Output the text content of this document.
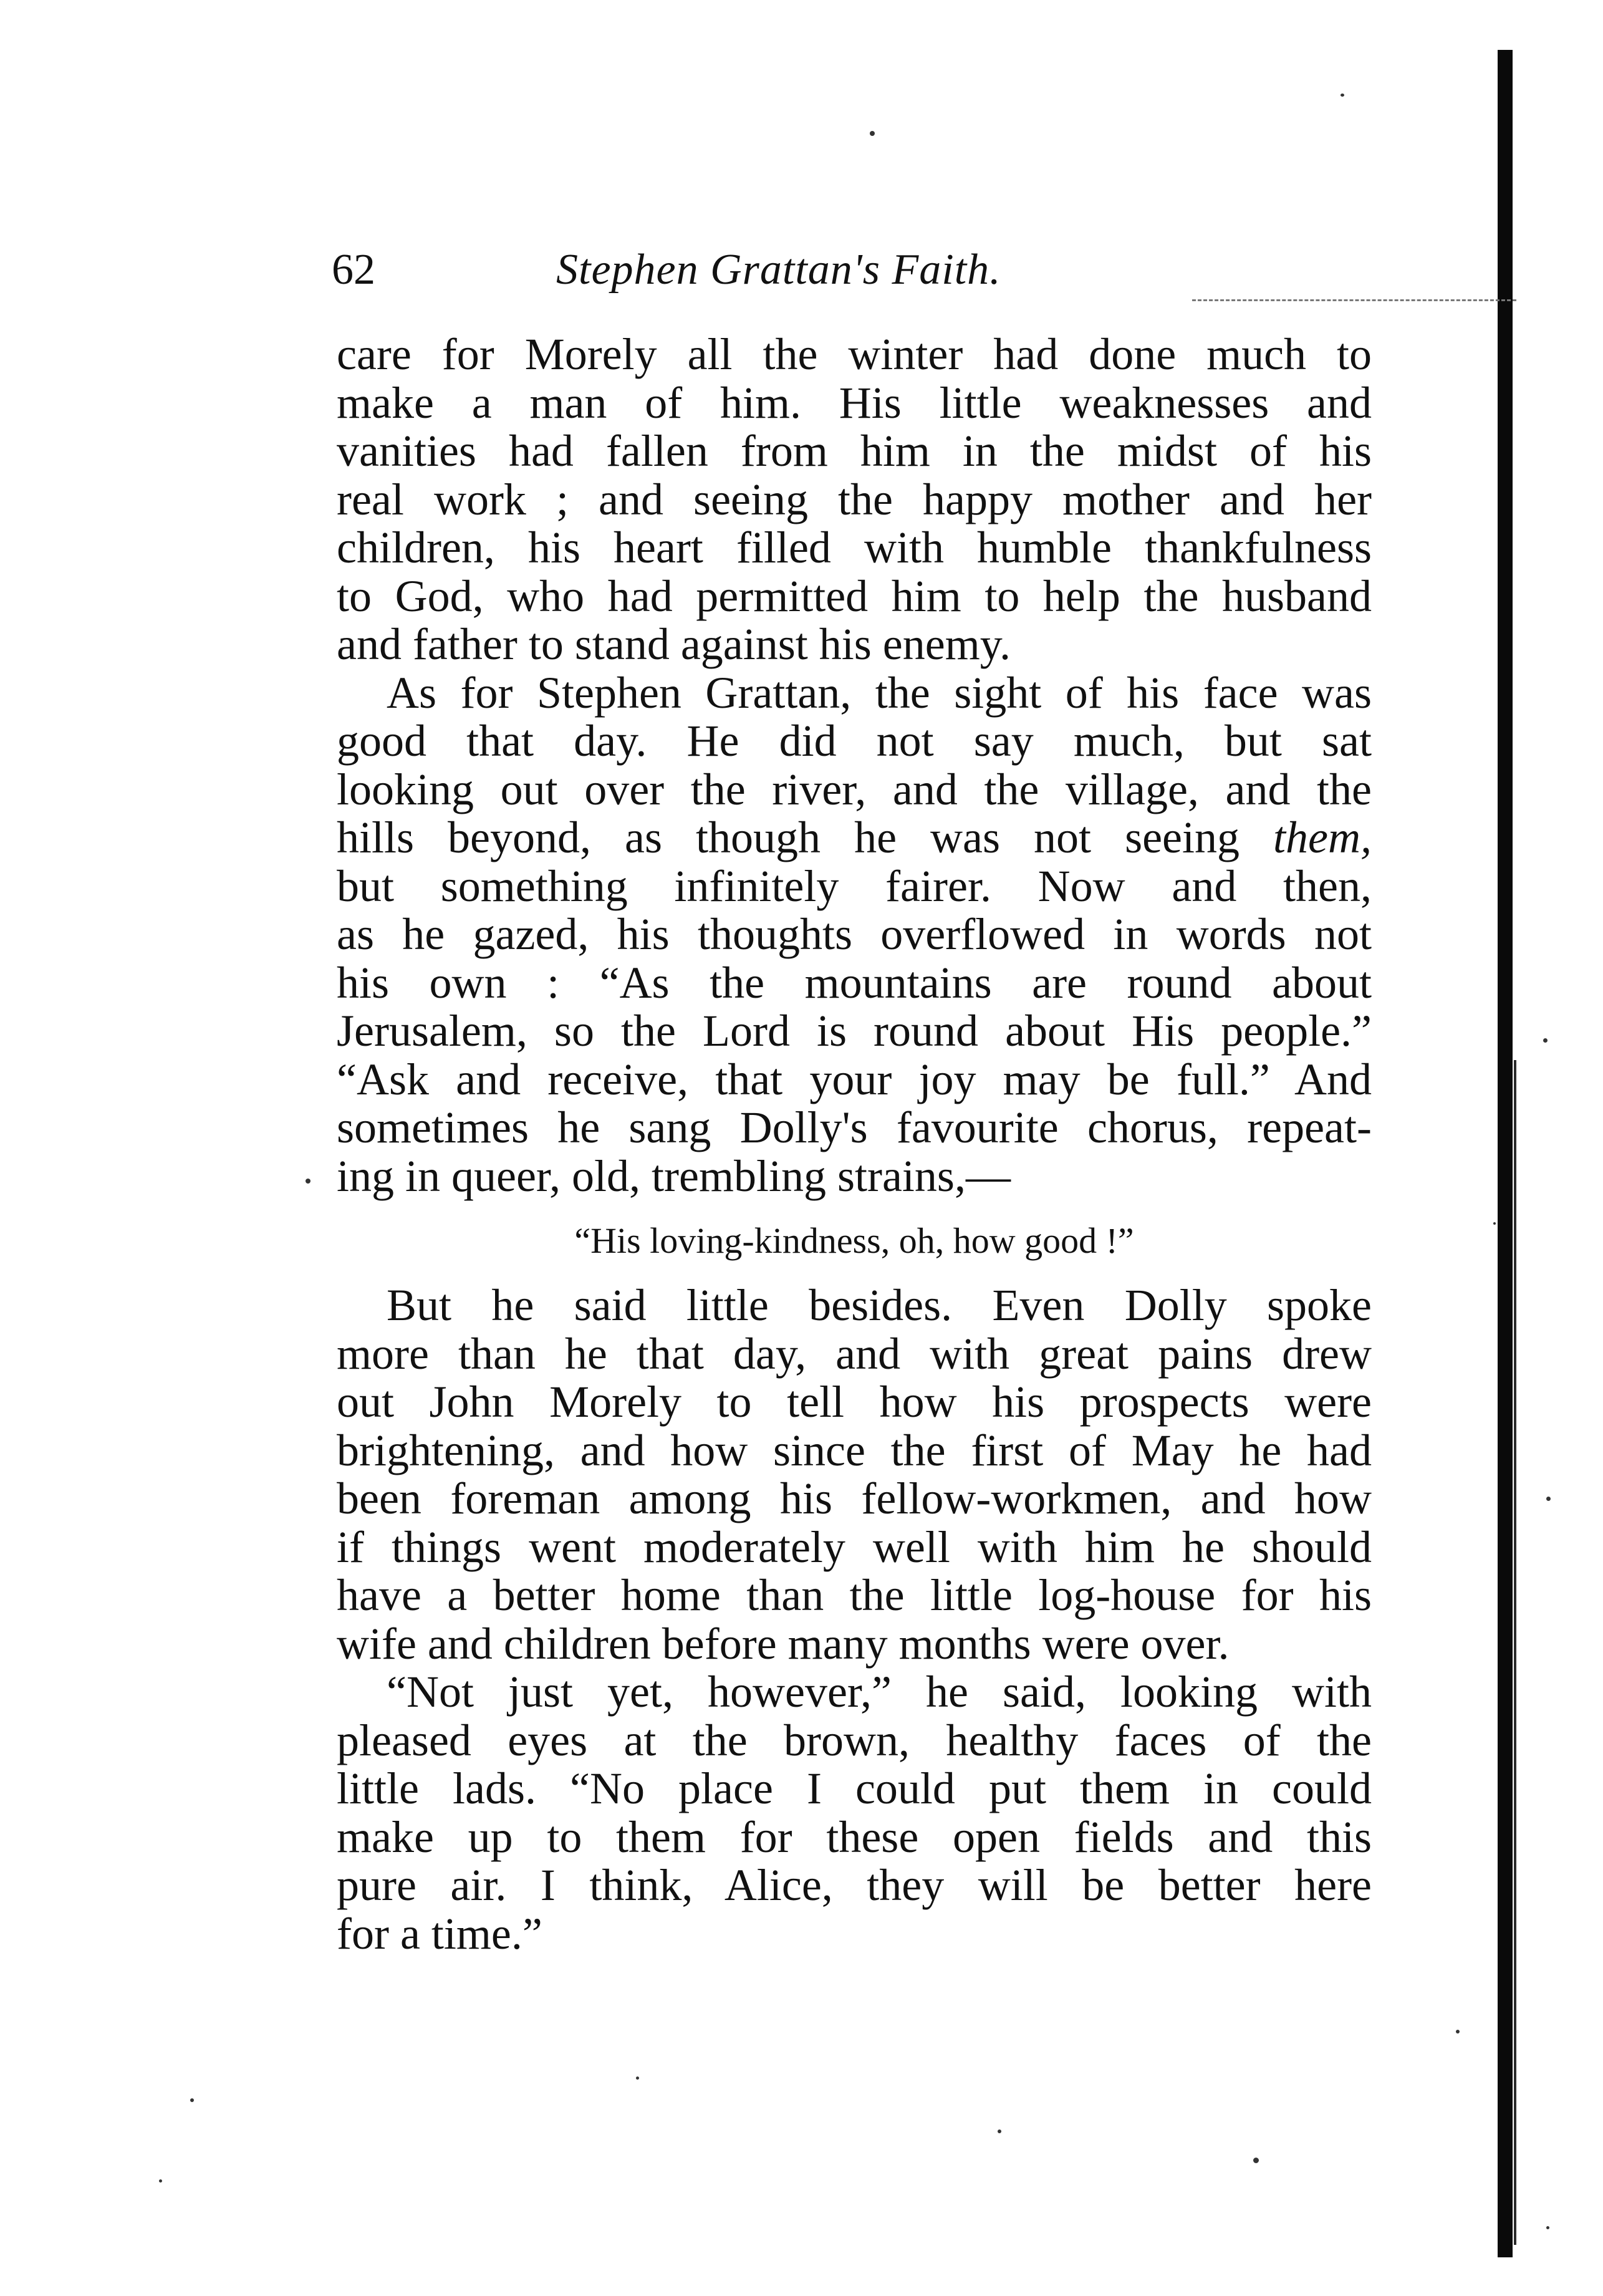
62	Stephen Grattan's Faith.
care for Morely all the winter had done much to
make a man of him. His little weaknesses and
vanities had fallen from him in the midst of his
real work ; and seeing the happy mother and her
children, his heart filled with humble thankfulness
to God, who had permitted him to help the husband
and father to stand against his enemy.
As for Stephen Grattan, the sight of his face was
good that day. He did not say much, but sat
looking out over the river, and the village, and the
hills beyond, as though he was not seeing them,
but something infinitely fairer. Now and then,
as he gazed, his thoughts overflowed in words not
his own : “As the mountains are round about
Jerusalem, so the Lord is round about His people.”
“Ask and receive, that your joy may be full.” And
sometimes he sang Dolly's favourite chorus, repeat-
ing in queer, old, trembling strains,—
“His loving-kindness, oh, how good !”
But he said little besides. Even Dolly spoke
more than he that day, and with great pains drew
out John Morely to tell how his prospects were
brightening, and how since the first of May he had
been foreman among his fellow-workmen, and how
if things went moderately well with him he should
have a better home than the little log-house for his
wife and children before many months were over.
“Not just yet, however,” he said, looking with
pleased eyes at the brown, healthy faces of the
little lads. “No place I could put them in could
make up to them for these open fields and this
pure air. I think, Alice, they will be better here
for a time.”
